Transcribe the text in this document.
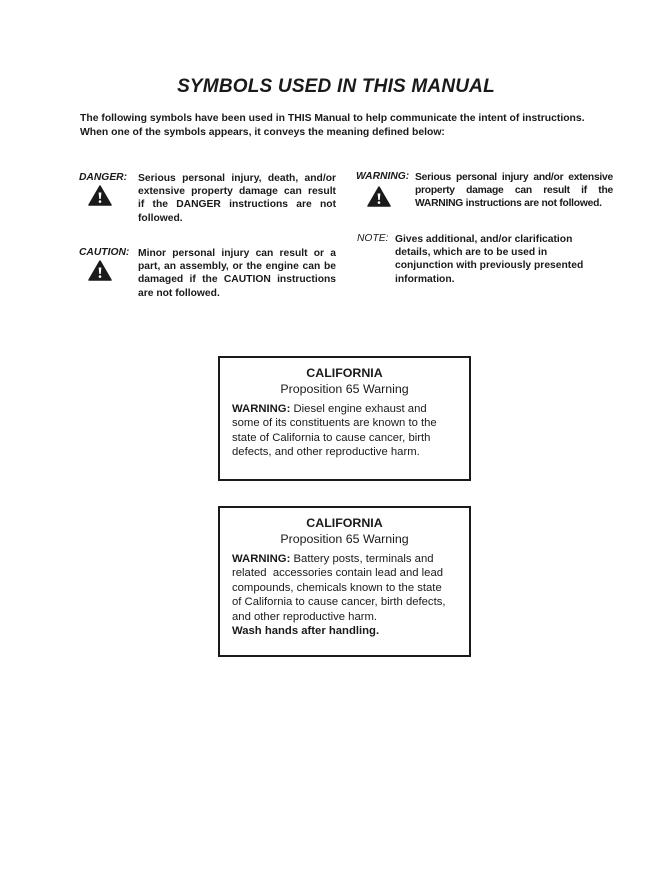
SYMBOLS USED IN THIS MANUAL
The following symbols have been used in THIS Manual to help communicate the intent of instructions.
When one of the symbols appears, it conveys the meaning defined below:
DANGER: Serious personal injury, death, and/or
extensive property damage can result
if the DANGER instructions are not
followed.
CAUTION: Minor personal injury can result or a
part, an assembly, or the engine can be
damaged if the CAUTION instructions
are not followed.
WARNING: Serious personal injury and/or extensive
property damage can result if the
WARNING instructions are not followed.
NOTE: Gives additional, and/or clarification
details, which are to be used in
conjunction with previously presented
information.
CALIFORNIA
Proposition 65 Warning
WARNING: Diesel engine exhaust and
some of its constituents are known to the
state of California to cause cancer, birth
defects, and other reproductive harm.
CALIFORNIA
Proposition 65 Warning
WARNING: Battery posts, terminals and
related  accessories contain lead and lead
compounds, chemicals known to the state
of California to cause cancer, birth defects,
and other reproductive harm.
Wash hands after handling.
